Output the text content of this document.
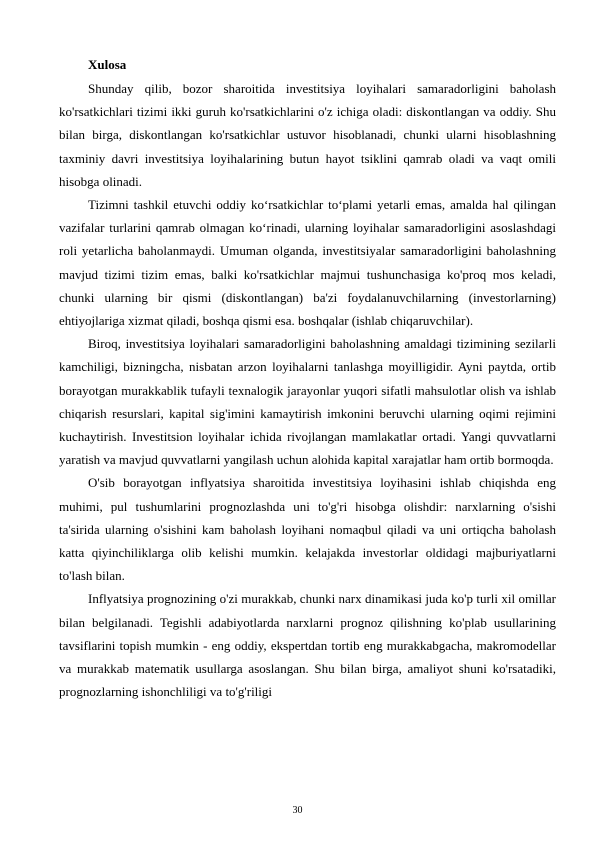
Xulosa

Shunday qilib, bozor sharoitida investitsiya loyihalari samaradorligini baholash ko'rsatkichlari tizimi ikki guruh ko'rsatkichlarini o'z ichiga oladi: diskontlangan va oddiy. Shu bilan birga, diskontlangan ko'rsatkichlar ustuvor hisoblanadi, chunki ularni hisoblashning taxminiy davri investitsiya loyihalarining butun hayot tsiklini qamrab oladi va vaqt omili hisobga olinadi.

Tizimni tashkil etuvchi oddiy ko‘rsatkichlar to‘plami yetarli emas, amalda hal qilingan vazifalar turlarini qamrab olmagan ko‘rinadi, ularning loyihalar samaradorligini asoslashdagi roli yetarlicha baholanmaydi. Umuman olganda, investitsiyalar samaradorligini baholashning mavjud tizimi tizim emas, balki ko'rsatkichlar majmui tushunchasiga ko'proq mos keladi, chunki ularning bir qismi (diskontlangan) ba'zi foydalanuvchilarning (investorlarning) ehtiyojlariga xizmat qiladi, boshqa qismi esa. boshqalar (ishlab chiqaruvchilar).

Biroq, investitsiya loyihalari samaradorligini baholashning amaldagi tizimining sezilarli kamchiligi, bizningcha, nisbatan arzon loyihalarni tanlashga moyilligidir. Ayni paytda, ortib borayotgan murakkablik tufayli texnalogik jarayonlar yuqori sifatli mahsulotlar olish va ishlab chiqarish resurslari, kapital sig'imini kamaytirish imkonini beruvchi ularning oqimi rejimini kuchaytirish. Investitsion loyihalar ichida rivojlangan mamlakatlar ortadi. Yangi quvvatlarni yaratish va mavjud quvvatlarni yangilash uchun alohida kapital xarajatlar ham ortib bormoqda.

O'sib borayotgan inflyatsiya sharoitida investitsiya loyihasini ishlab chiqishda eng muhimi, pul tushumlarini prognozlashda uni to'g'ri hisobga olishdir: narxlarning o'sishi ta'sirida ularning o'sishini kam baholash loyihani nomaqbul qiladi va uni ortiqcha baholash katta qiyinchiliklarga olib kelishi mumkin. kelajakda investorlar oldidagi majburiyatlarni to'lash bilan.

Inflyatsiya prognozining o'zi murakkab, chunki narx dinamikasi juda ko'p turli xil omillar bilan belgilanadi. Tegishli adabiyotlarda narxlarni prognoz qilishning ko'plab usullarining tavsiflarini topish mumkin - eng oddiy, ekspertdan tortib eng murakkabgacha, makromodellar va murakkab matematik usullarga asoslangan. Shu bilan birga, amaliyot shuni ko'rsatadiki, prognozlarning ishonchliligi va to'g'riligi

30
